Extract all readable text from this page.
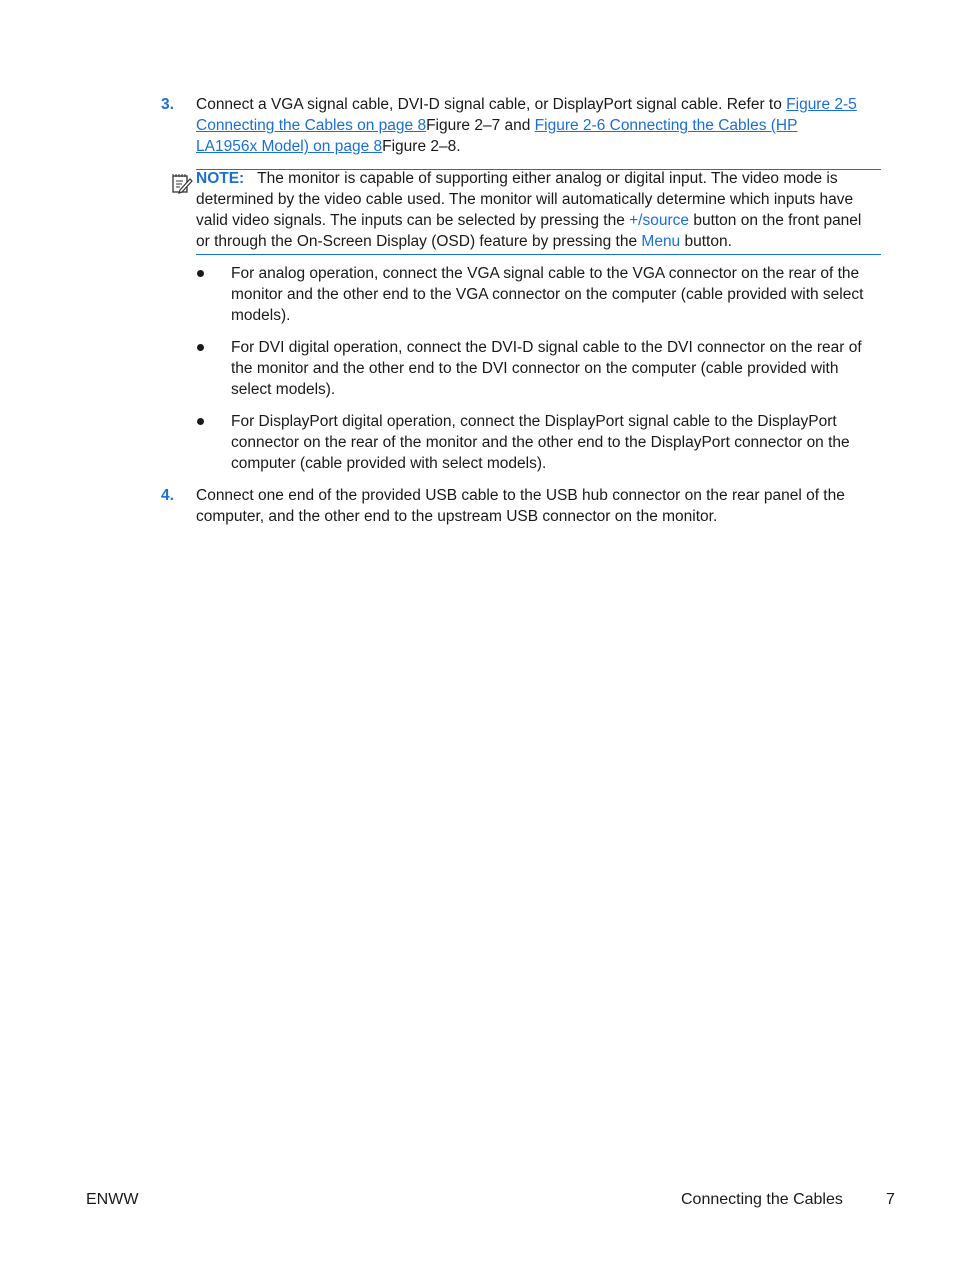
3. Connect a VGA signal cable, DVI-D signal cable, or DisplayPort signal cable. Refer to Figure 2-5
Connecting the Cables on page 8Figure 2–7 and Figure 2-6 Connecting the Cables (HP
LA1956x Model) on page 8Figure 2–8.
NOTE: The monitor is capable of supporting either analog or digital input. The video mode is
determined by the video cable used. The monitor will automatically determine which inputs have
valid video signals. The inputs can be selected by pressing the +/source button on the front panel
or through the On-Screen Display (OSD) feature by pressing the Menu button.
For analog operation, connect the VGA signal cable to the VGA connector on the rear of the
monitor and the other end to the VGA connector on the computer (cable provided with select
models).
For DVI digital operation, connect the DVI-D signal cable to the DVI connector on the rear of
the monitor and the other end to the DVI connector on the computer (cable provided with
select models).
For DisplayPort digital operation, connect the DisplayPort signal cable to the DisplayPort
connector on the rear of the monitor and the other end to the DisplayPort connector on the
computer (cable provided with select models).
4. Connect one end of the provided USB cable to the USB hub connector on the rear panel of the
computer, and the other end to the upstream USB connector on the monitor.
ENWW	Connecting the Cables	7
